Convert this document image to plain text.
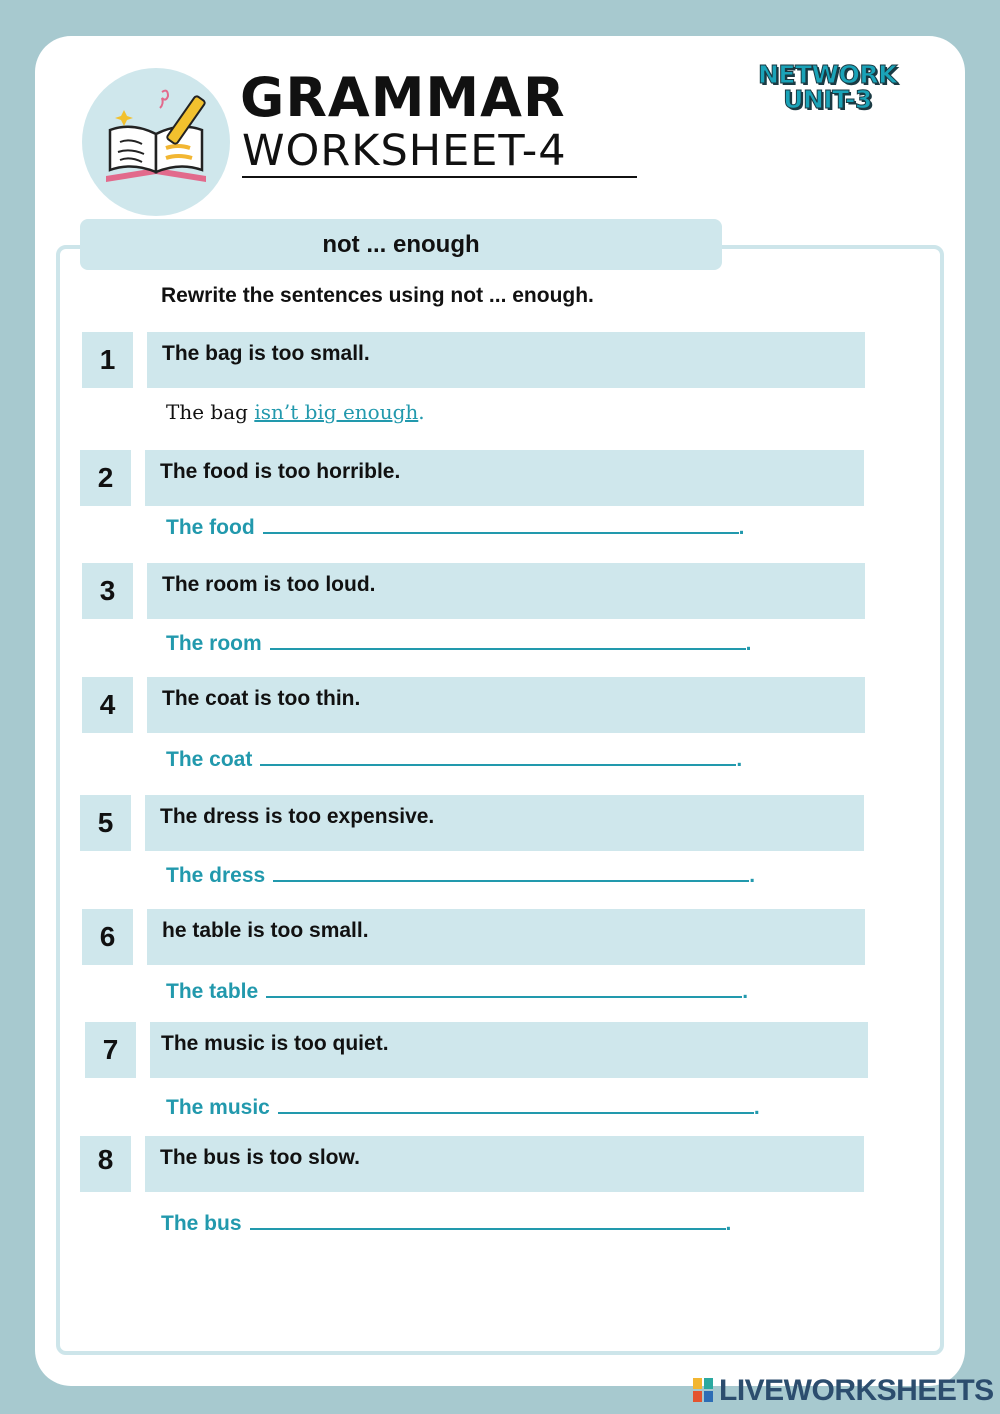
GRAMMAR
WORKSHEET-4
NETWORK
UNIT-3
not ... enough
Rewrite the sentences using not ... enough.
1	The bag is too small.
The bag isn’t big enough.
2	The food is too horrible.
The food	.
3	The room is too loud.
The room	.
4	The coat is too thin.
The coat	.
5	The dress is too expensive.
The dress	.
6	he table is too small.
The table	.
7	The music is too quiet.
The music	.
8	The bus is too slow.
The bus	.
LIVEWORKSHEETS
